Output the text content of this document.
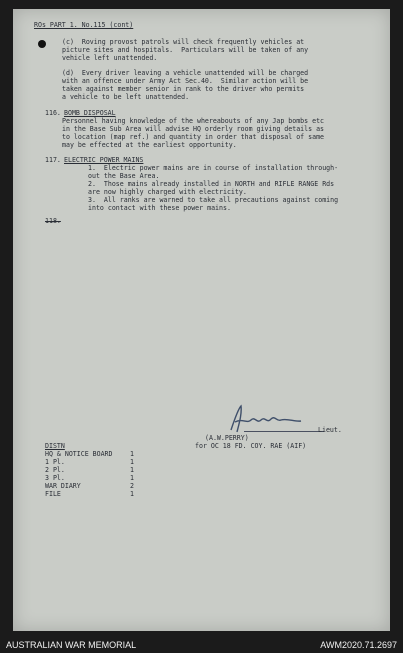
ROs PART 1. No.115 (cont)
(c)  Roving provost patrols will check frequently vehicles at
picture sites and hospitals.  Particulars will be taken of any
vehicle left unattended.
(d)  Every driver leaving a vehicle unattended will be charged
with an offence under Army Act Sec.40.  Similar action will be
taken against member senior in rank to the driver who permits
a vehicle to be left unattended.
116. BOMB DISPOSAL
Personnel having knowledge of the whereabouts of any Jap bombs etc
in the Base Sub Area will advise HQ orderly room giving details as
to location (map ref.) and quantity in order that disposal of same
may be effected at the earliest opportunity.
117. ELECTRIC POWER MAINS
1.  Electric power mains are in course of installation through-
out the Base Area.
2.  Those mains already installed in NORTH and RIFLE RANGE Rds
are now highly charged with electricity.
3.  All ranks are warned to take all precautions against coming
into contact with these power mains.
118.
Lieut.
(A.W.PERRY)
for OC 18 FD. COY. RAE (AIF)
DISTN
HQ & NOTICE BOARD	1
1 Pl.	1
2 Pl.	1
3 Pl.	1
WAR DIARY	2
FILE	1
AUSTRALIAN WAR MEMORIAL	AWM2020.71.2697
